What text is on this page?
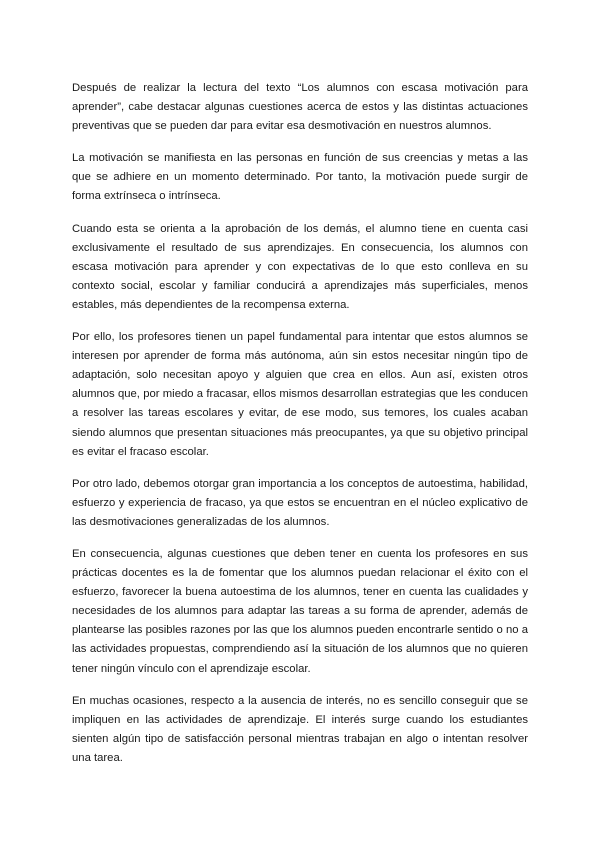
Después de realizar la lectura del texto “Los alumnos con escasa motivación para aprender”, cabe destacar algunas cuestiones acerca de estos y las distintas actuaciones preventivas que se pueden dar para evitar esa desmotivación en nuestros alumnos.

La motivación se manifiesta en las personas en función de sus creencias y metas a las que se adhiere en un momento determinado. Por tanto, la motivación puede surgir de forma extrínseca o intrínseca.

Cuando esta se orienta a la aprobación de los demás, el alumno tiene en cuenta casi exclusivamente el resultado de sus aprendizajes. En consecuencia, los alumnos con escasa motivación para aprender y con expectativas de lo que esto conlleva en su contexto social, escolar y familiar conducirá a aprendizajes más superficiales, menos estables, más dependientes de la recompensa externa.

Por ello, los profesores tienen un papel fundamental para intentar que estos alumnos se interesen por aprender de forma más autónoma, aún sin estos necesitar ningún tipo de adaptación, solo necesitan apoyo y alguien que crea en ellos. Aun así, existen otros alumnos que, por miedo a fracasar, ellos mismos desarrollan estrategias que les conducen a resolver las tareas escolares y evitar, de ese modo, sus temores, los cuales acaban siendo alumnos que presentan situaciones más preocupantes, ya que su objetivo principal es evitar el fracaso escolar.

Por otro lado, debemos otorgar gran importancia a los conceptos de autoestima, habilidad, esfuerzo y experiencia de fracaso, ya que estos se encuentran en el núcleo explicativo de las desmotivaciones generalizadas de los alumnos.

En consecuencia, algunas cuestiones que deben tener en cuenta los profesores en sus prácticas docentes es la de fomentar que los alumnos puedan relacionar el éxito con el esfuerzo, favorecer la buena autoestima de los alumnos, tener en cuenta las cualidades y necesidades de los alumnos para adaptar las tareas a su forma de aprender, además de plantearse las posibles razones por las que los alumnos pueden encontrarle sentido o no a las actividades propuestas, comprendiendo así la situación de los alumnos que no quieren tener ningún vínculo con el aprendizaje escolar.

En muchas ocasiones, respecto a la ausencia de interés, no es sencillo conseguir que se impliquen en las actividades de aprendizaje. El interés surge cuando los estudiantes sienten algún tipo de satisfacción personal mientras trabajan en algo o intentan resolver una tarea.
